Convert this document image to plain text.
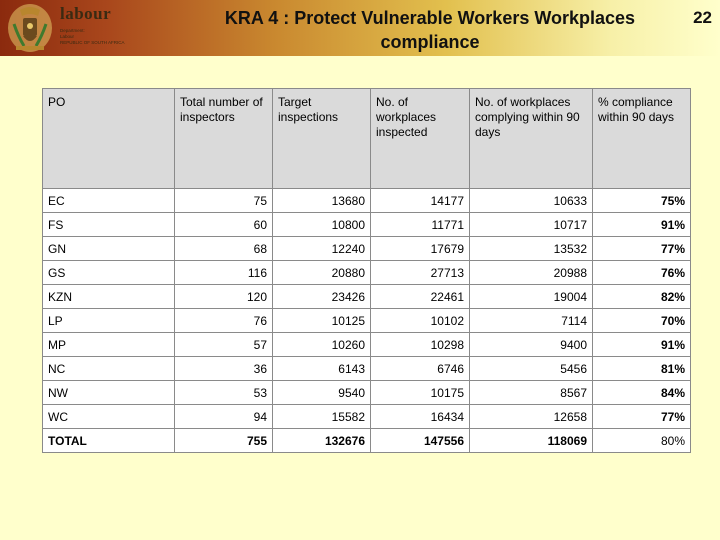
labour
Department:
Labour
REPUBLIC OF SOUTH AFRICA
KRA 4 : Protect Vulnerable Workers Workplaces
compliance
22
PO	Total number of inspectors	Target inspections	No. of workplaces inspected	No. of workplaces complying within 90 days	% compliance within 90 days
EC	75	13680	14177	10633	75%
FS	60	10800	11771	10717	91%
GN	68	12240	17679	13532	77%
GS	116	20880	27713	20988	76%
KZN	120	23426	22461	19004	82%
LP	76	10125	10102	7114	70%
MP	57	10260	10298	9400	91%
NC	36	6143	6746	5456	81%
NW	53	9540	10175	8567	84%
WC	94	15582	16434	12658	77%
TOTAL	755	132676	147556	118069	80%
